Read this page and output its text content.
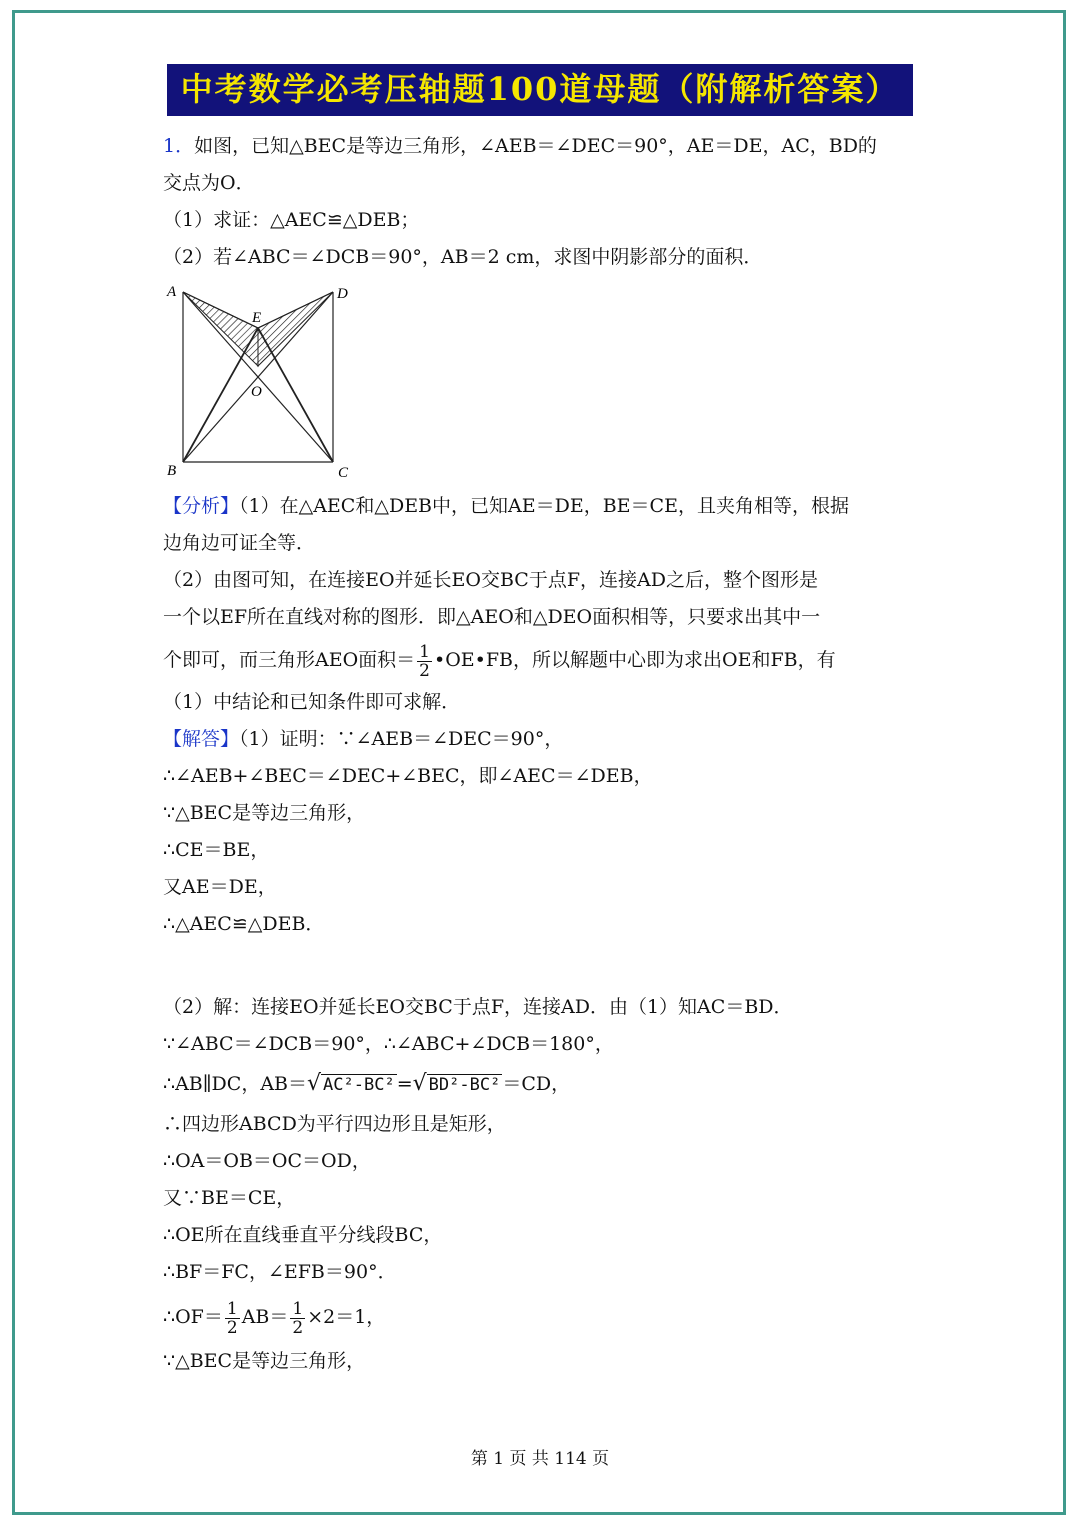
中考数学必考压轴题100道母题（附解析答案）
1．如图，已知△BEC是等边三角形，∠AEB＝∠DEC＝90°，AE＝DE，AC，BD的
交点为O．
（1）求证：△AEC≌△DEB；
（2）若∠ABC＝∠DCB＝90°，AB＝2 cm，求图中阴影部分的面积．
A	D
E
O
B	C
【分析】（1）在△AEC和△DEB中，已知AE＝DE，BE＝CE，且夹角相等，根据
边角边可证全等．
（2）由图可知，在连接EO并延长EO交BC于点F，连接AD之后，整个图形是
一个以EF所在直线对称的图形．即△AEO和△DEO面积相等，只要求出其中一
个即可，而三角形AEO面积＝ $\frac{1}{2}$ •OE•FB，所以解题中心即为求出OE和FB，有
（1）中结论和已知条件即可求解．
【解答】（1）证明：∵∠AEB＝∠DEC＝90°，
∴∠AEB+∠BEC＝∠DEC+∠BEC，即∠AEC＝∠DEB，
∵△BEC是等边三角形，
∴CE＝BE，
又AE＝DE，
∴△AEC≌△DEB．
（2）解：连接EO并延长EO交BC于点F，连接AD．由（1）知AC＝BD．
∵∠ABC＝∠DCB＝90°，∴∠ABC+∠DCB＝180°，
∴AB∥DC，AB＝√ AC²-BC² =√ BD²-BC² ＝CD，
∴四边形ABCD为平行四边形且是矩形，
∴OA＝OB＝OC＝OD，
又∵BE＝CE，
∴OE所在直线垂直平分线段BC，
∴BF＝FC，∠EFB＝90°．
∴OF＝ $\frac{1}{2} AB= \frac{1}{2} \times 2=1$，
∵△BEC是等边三角形，
第 1 页 共 114 页
